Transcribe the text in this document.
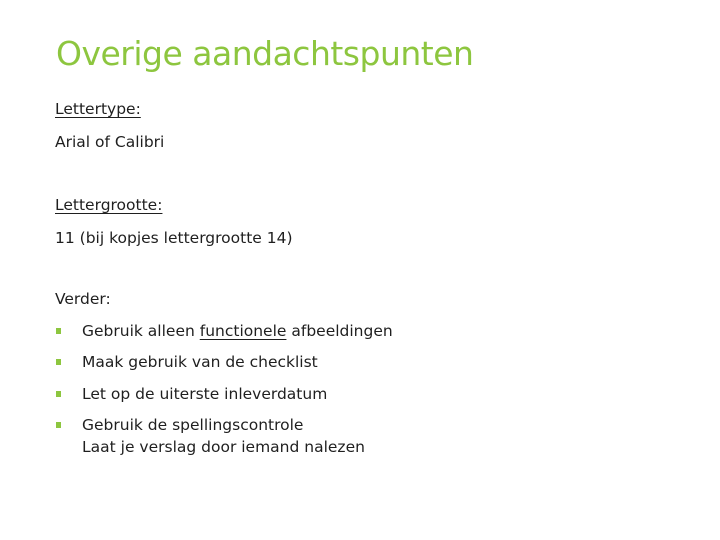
Overige aandachtspunten
Lettertype:
Arial of Calibri
Lettergrootte:
11 (bij kopjes lettergrootte 14)
Verder:
Gebruik alleen functionele afbeeldingen
Maak gebruik van de checklist
Let op de uiterste inleverdatum
Gebruik de spellingscontrole
Laat je verslag door iemand nalezen
